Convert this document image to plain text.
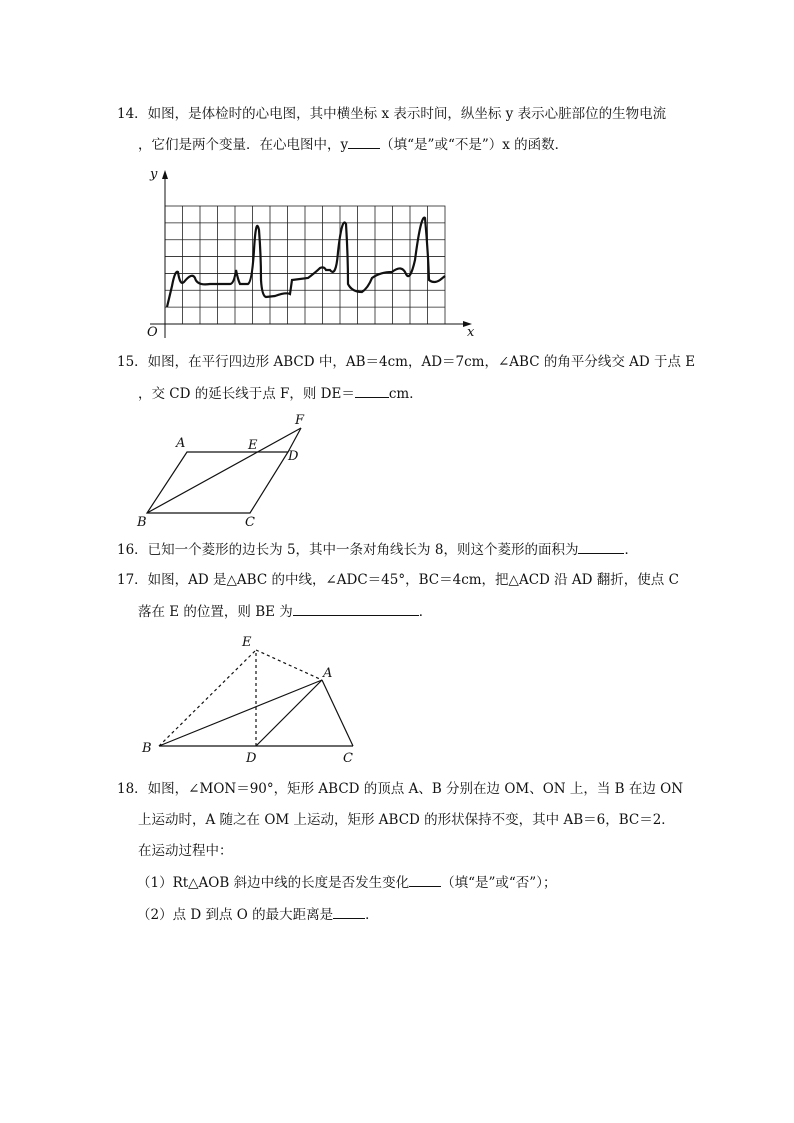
14．如图，是体检时的心电图，其中横坐标 x 表示时间，纵坐标 y 表示心脏部位的生物电流
，它们是两个变量．在心电图中，y （填“是”或“不是”）x 的函数．
y
x
O
15．如图，在平行四边形 ABCD 中，AB＝4cm，AD＝7cm，∠ABC 的角平分线交 AD 于点 E
，交 CD 的延长线于点 F，则 DE＝	cm．
A	E
F
D
B	C
16．已知一个菱形的边长为 5，其中一条对角线长为 8，则这个菱形的面积为	．
17．如图，AD 是△ABC 的中线，∠ADC＝45°，BC＝4cm，把△ACD 沿 AD 翻折，使点 C
落在 E 的位置，则 BE 为	．
E
A
B
D	C
18．如图，∠MON＝90°，矩形 ABCD 的顶点 A、B 分别在边 OM、ON 上，当 B 在边 ON
上运动时，A 随之在 OM 上运动，矩形 ABCD 的形状保持不变，其中 AB＝6，BC＝2．
在运动过程中：
（1）Rt△AOB 斜边中线的长度是否发生变化 （填“是”或“否”）；
（2）点 D 到点 O 的最大距离是 ．
